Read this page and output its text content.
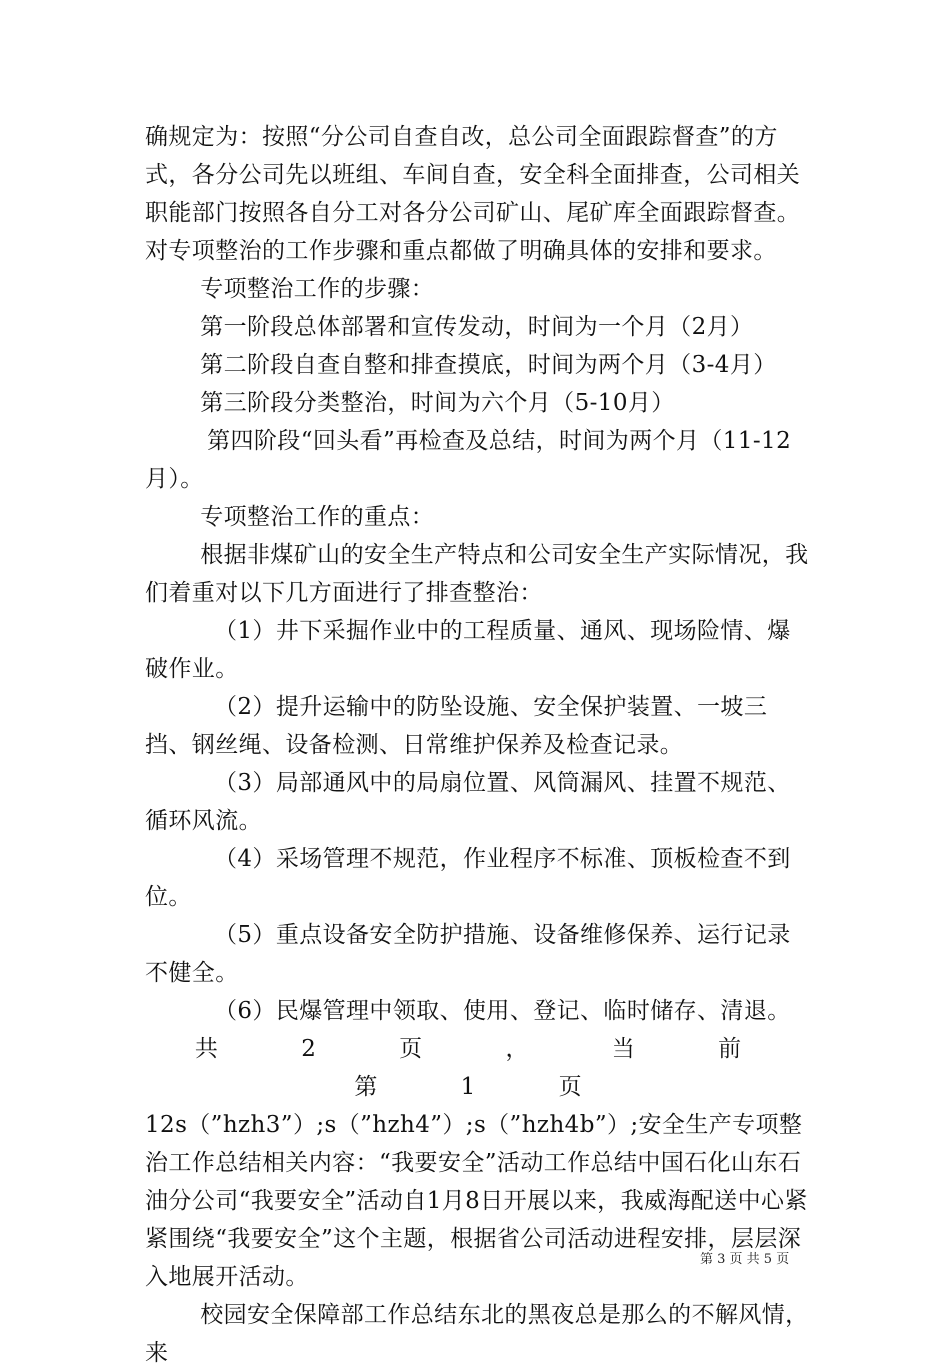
确规定为：按照“分公司自查自改，总公司全面跟踪督查”的方式，各分公司先以班组、车间自查，安全科全面排查，公司相关职能部门按照各自分工对各分公司矿山、尾矿库全面跟踪督查。对专项整治的工作步骤和重点都做了明确具体的安排和要求。

专项整治工作的步骤：

第一阶段总体部署和宣传发动，时间为一个月（2月）

第二阶段自查自整和排查摸底，时间为两个月（3-4月）

第三阶段分类整治，时间为六个月（5-10月）

第四阶段“回头看”再检查及总结，时间为两个月（11-12月）。

专项整治工作的重点：

根据非煤矿山的安全生产特点和公司安全生产实际情况，我们着重对以下几方面进行了排查整治：

（1）井下采掘作业中的工程质量、通风、现场险情、爆破作业。

（2）提升运输中的防坠设施、安全保护装置、一坡三挡、钢丝绳、设备检测、日常维护保养及检查记录。

（3）局部通风中的局扇位置、风筒漏风、挂置不规范、循环风流。

（4）采场管理不规范，作业程序不标准、顶板检查不到位。

（5）重点设备安全防护措施、设备维修保养、运行记录不健全。

（6）民爆管理中领取、使用、登记、临时储存、清退。

共 2 页 ， 当 前 第 1 页

12s（”hzh3”）;s（”hzh4”）;s（”hzh4b”）;安全生产专项整治工作总结相关内容：“我要安全”活动工作总结中国石化山东石油分公司“我要安全”活动自1月8日开展以来，我威海配送中心紧紧围绕“我要安全”这个主题，根据省公司活动进程安排，层层深入地展开活动。

校园安全保障部工作总结东北的黑夜总是那么的不解风情，来

第 3 页 共 5 页
